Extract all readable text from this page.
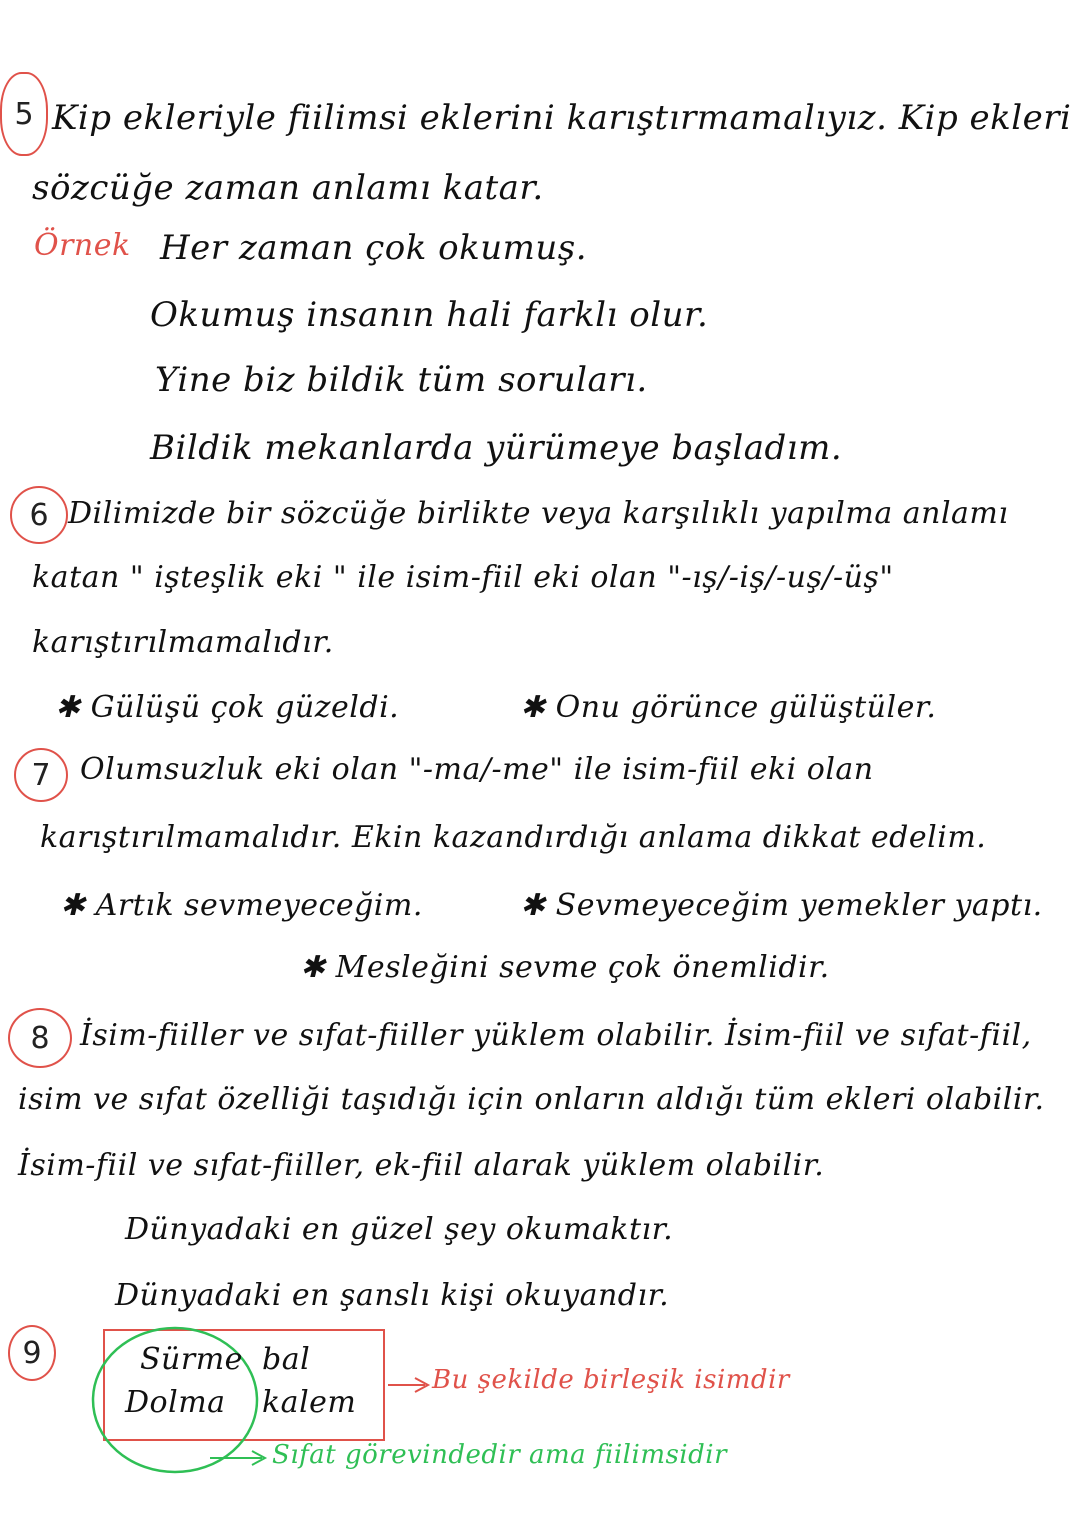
5 Kip ekleriyle fiilimsi eklerini karıştırmamalıyız. Kip ekleri
sözcüğe zaman anlamı katar.
Örnek Her zaman çok okumuş.
Okumuş insanın hali farklı olur.
Yine biz bildik tüm soruları.
Bildik mekanlarda yürümeye başladım.
6 Dilimizde bir sözcüğe birlikte veya karşılıklı yapılma anlamı
katan " işteşlik eki " ile isim-fiil eki olan "-ış/-iş/-uş/-üş"
karıştırılmamalıdır.
✱ Gülüşü çok güzeldi.	✱ Onu görünce gülüştüler.
7 Olumsuzluk eki olan "-ma/-me" ile isim-fiil eki olan
karıştırılmamalıdır. Ekin kazandırdığı anlama dikkat edelim.
✱ Artık sevmeyeceğim.	✱ Sevmeyeceğim yemekler yaptı.
✱ Mesleğini sevme çok önemlidir.
8	İsim-fiiller ve sıfat-fiiller yüklem olabilir. İsim-fiil ve sıfat-fiil,
isim ve sıfat özelliği taşıdığı için onların aldığı tüm ekleri olabilir.
İsim-fiil ve sıfat-fiiller, ek-fiil alarak yüklem olabilir.
Dünyadaki en güzel şey okumaktır.
Dünyadaki en şanslı kişi okuyandır.
9	Sürme bal
Dolma kalem
Bu şekilde birleşik isimdir
Sıfat görevindedir ama fiilimsidir
